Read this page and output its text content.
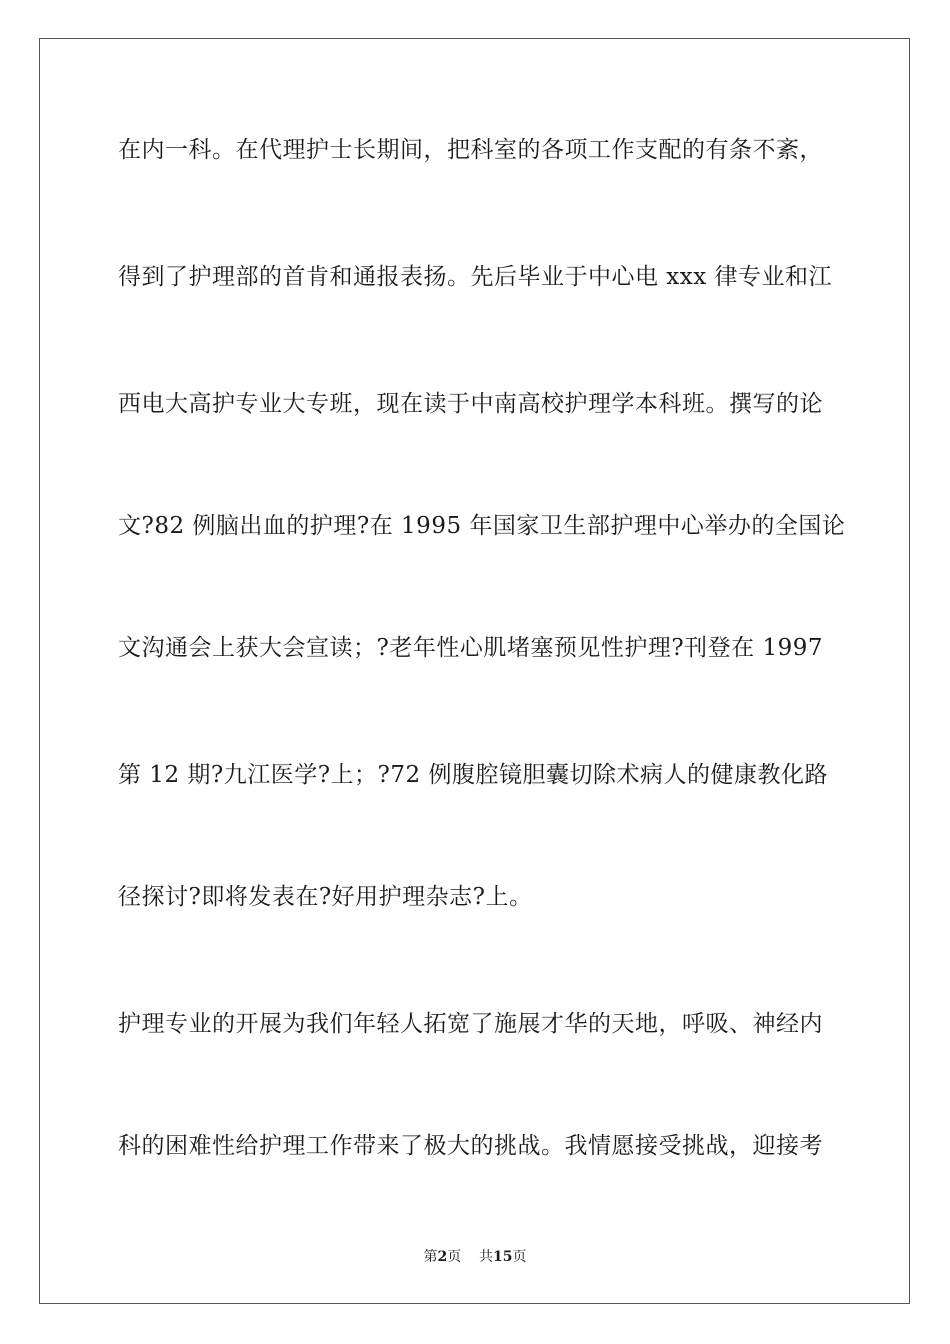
在内一科。在代理护士长期间，把科室的各项工作支配的有条不紊，
得到了护理部的首肯和通报表扬。先后毕业于中心电 xxx 律专业和江
西电大高护专业大专班，现在读于中南高校护理学本科班。撰写的论
文?82 例脑出血的护理?在 1995 年国家卫生部护理中心举办的全国论
文沟通会上获大会宣读；?老年性心肌堵塞预见性护理?刊登在 1997
第 12 期?九江医学?上；?72 例腹腔镜胆囊切除术病人的健康教化路
径探讨?即将发表在?好用护理杂志?上。
护理专业的开展为我们年轻人拓宽了施展才华的天地，呼吸、神经内
科的困难性给护理工作带来了极大的挑战。我情愿接受挑战，迎接考
第2页 共15页
